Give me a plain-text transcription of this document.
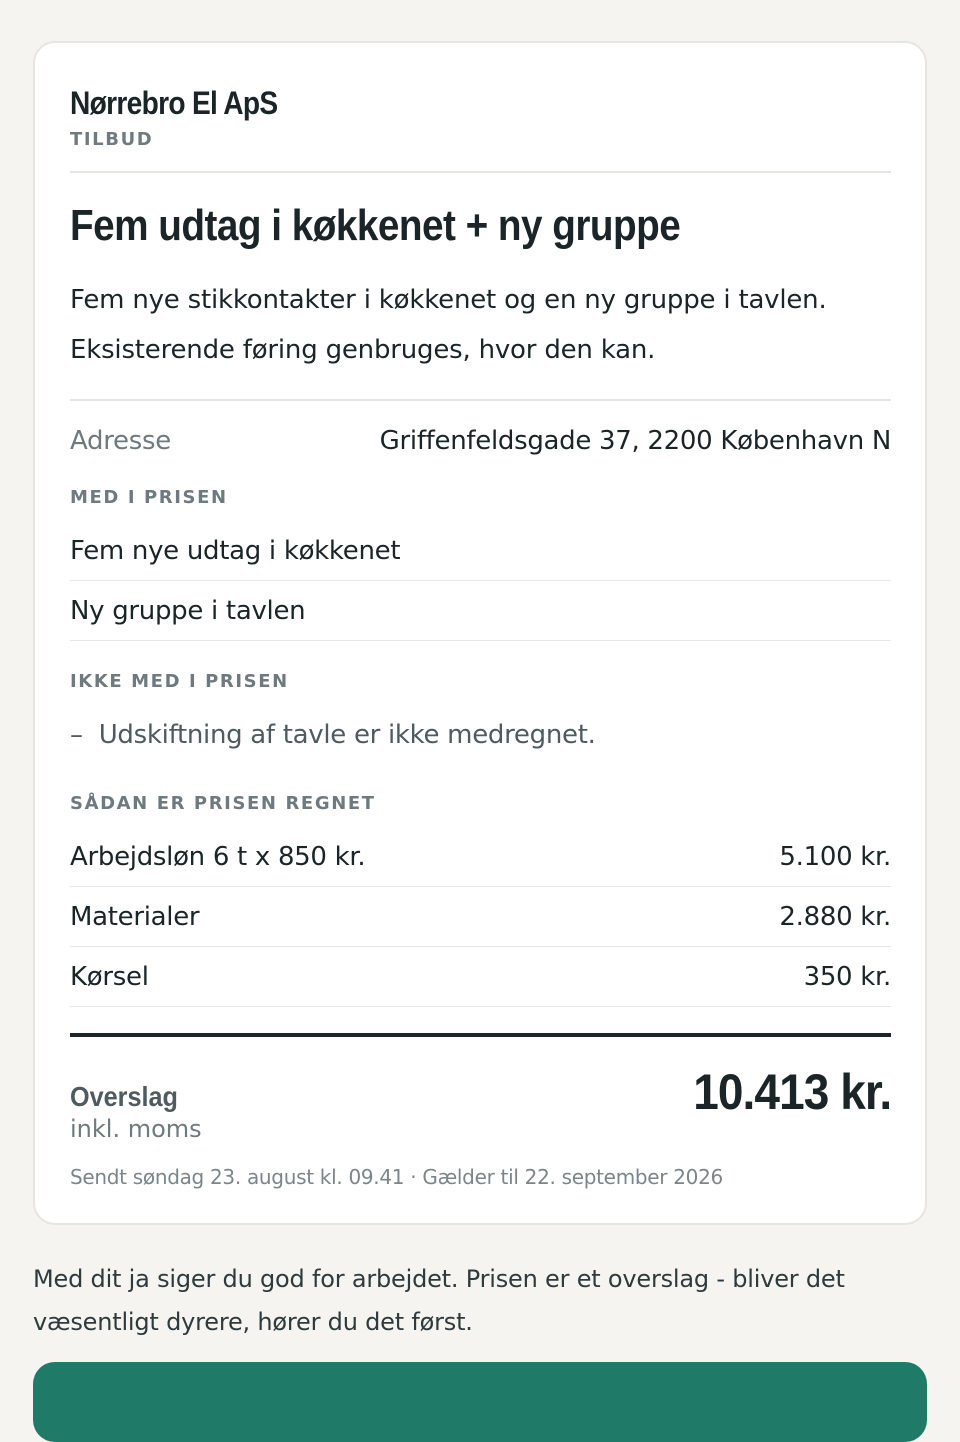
Nørrebro El ApS
TILBUD
Fem udtag i køkkenet + ny gruppe
Fem nye stikkontakter i køkkenet og en ny gruppe i tavlen.
Eksisterende føring genbruges, hvor den kan.
Adresse	Griffenfeldsgade 37, 2200 København N
MED I PRISEN
Fem nye udtag i køkkenet
Ny gruppe i tavlen
IKKE MED I PRISEN
– Udskiftning af tavle er ikke medregnet.
SÅDAN ER PRISEN REGNET
Arbejdsløn 6 t x 850 kr.	5.100 kr.
Materialer	2.880 kr.
Kørsel	350 kr.
Overslag
inkl. moms
10.413 kr.
Sendt søndag 23. august kl. 09.41 · Gælder til 22. september 2026
Med dit ja siger du god for arbejdet. Prisen er et overslag - bliver det væsentligt dyrere, hører du det først.
